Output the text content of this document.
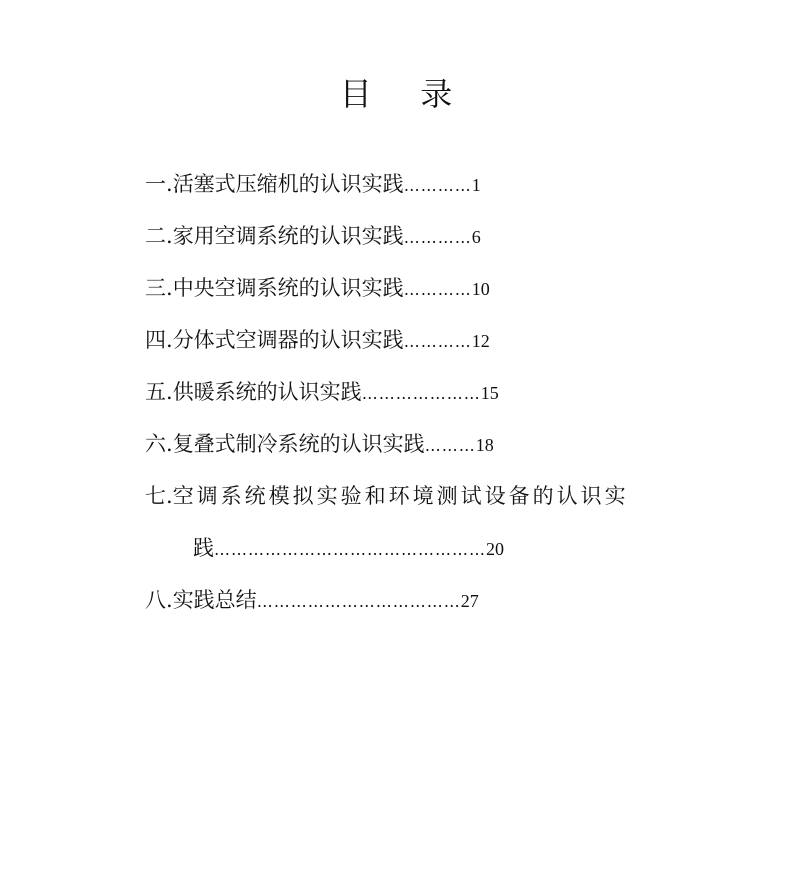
目 录
一. 活塞式压缩机的认识实践 ………… 1
二. 家用空调系统的认识实践 ………… 6
三. 中央空调系统的认识实践 ………… 10
四. 分体式空调器的认识实践 ………… 12
五. 供暖系统的认识实践 ………………… 15
六. 复叠式制冷系统的认识实践 ……… 18
七. 空调系统模拟实验和环境测试设备的认识实
践 ………………………………………… 20
八. 实践总结 ……………………………… 27
